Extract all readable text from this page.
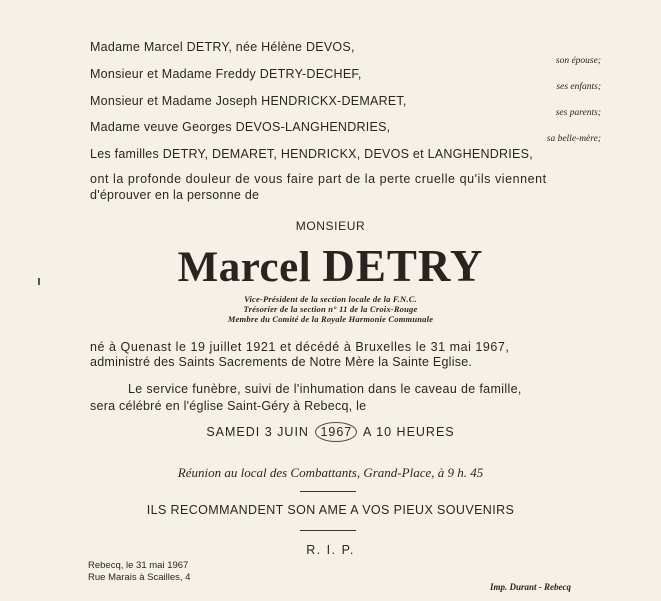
Madame Marcel DETRY, née Hélène DEVOS,
son épouse;
Monsieur et Madame Freddy DETRY-DECHEF,
ses enfants;
Monsieur et Madame Joseph HENDRICKX-DEMARET,
ses parents;
Madame veuve Georges DEVOS-LANGHENDRIES,
sa belle-mère;
Les familles DETRY, DEMARET, HENDRICKX, DEVOS et LANGHENDRIES,
ont la profonde douleur de vous faire part de la perte cruelle qu'ils viennent
d'éprouver en la personne de
MONSIEUR
Marcel DETRY
Vice-Président de la section locale de la F.N.C.
Trésorier de la section n° 11 de la Croix-Rouge
Membre du Comité de la Royale Harmonie Communale
né à Quenast le 19 juillet 1921 et décédé à Bruxelles le 31 mai 1967,
administré des Saints Sacrements de Notre Mère la Sainte Eglise.
Le service funèbre, suivi de l'inhumation dans le caveau de famille,
sera célébré en l'église Saint-Géry à Rebecq, le
SAMEDI 3 JUIN 1967 A 10 HEURES
Réunion au local des Combattants, Grand-Place, à 9 h. 45
ILS RECOMMANDENT SON AME A VOS PIEUX SOUVENIRS
R. I. P.
Rebecq, le 31 mai 1967
Rue Marais à Scailles, 4
Imp. Durant - Rebecq
